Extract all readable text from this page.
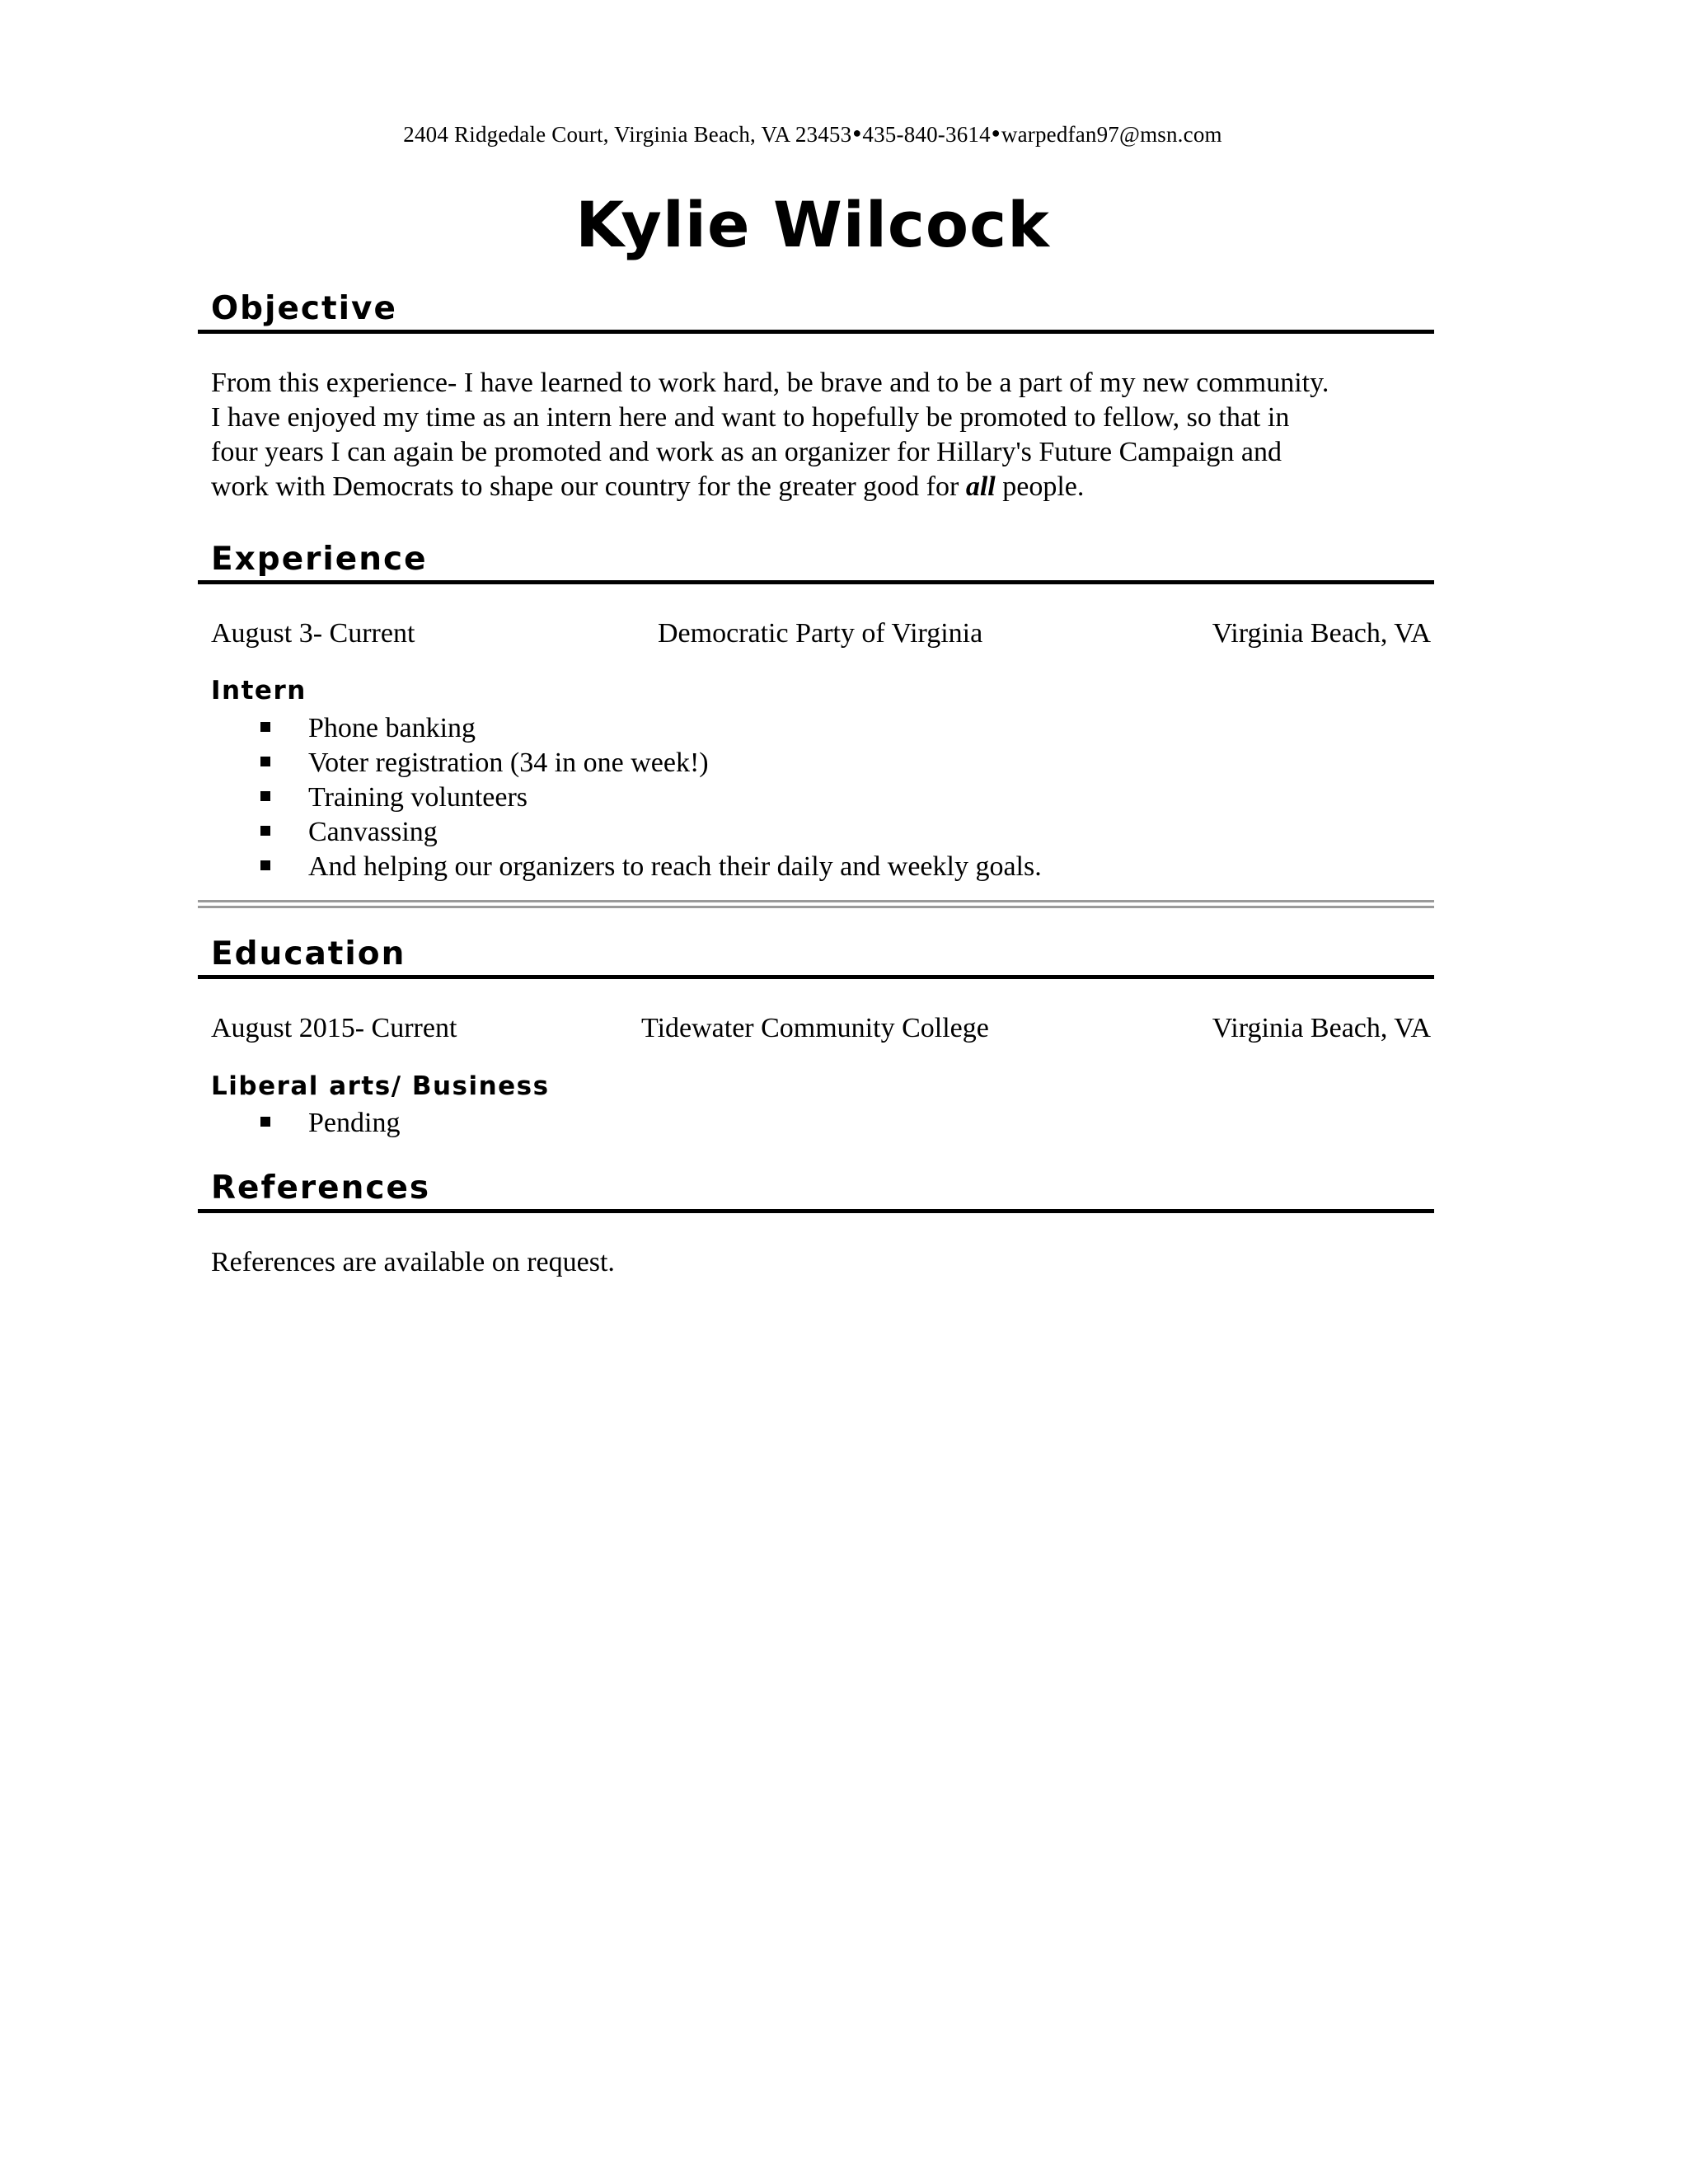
2404 Ridgedale Court, Virginia Beach, VA 23453●435-840-3614●warpedfan97@msn.com
Kylie Wilcock
Objective
From this experience- I have learned to work hard, be brave and to be a part of my new community.
I have enjoyed my time as an intern here and want to hopefully be promoted to fellow, so that in
four years I can again be promoted and work as an organizer for Hillary's Future Campaign and
work with Democrats to shape our country for the greater good for all people.
Experience
August 3- Current	Democratic Party of Virginia	Virginia Beach, VA
Intern
Phone banking
Voter registration (34 in one week!)
Training volunteers
Canvassing
And helping our organizers to reach their daily and weekly goals.
Education
August 2015- Current	Tidewater Community College	Virginia Beach, VA
Liberal arts/ Business
Pending
References
References are available on request.
